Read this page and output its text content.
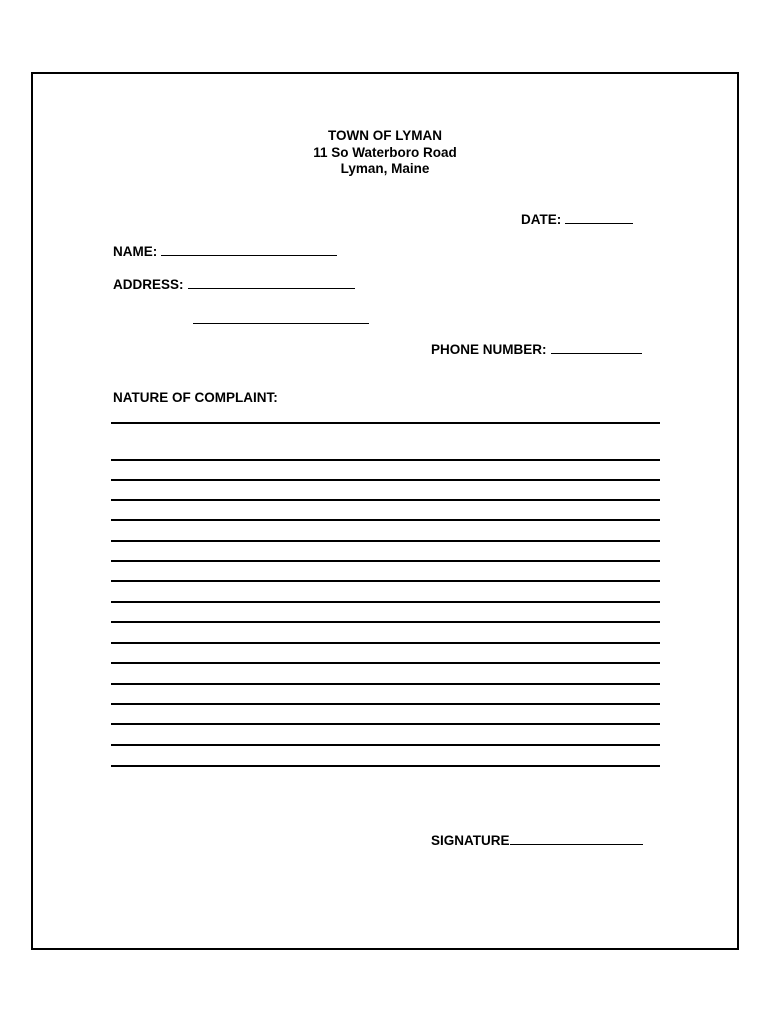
TOWN OF LYMAN
11 So Waterboro Road
Lyman, Maine
DATE:
NAME:
ADDRESS:
PHONE NUMBER:
NATURE OF COMPLAINT:
SIGNATURE
